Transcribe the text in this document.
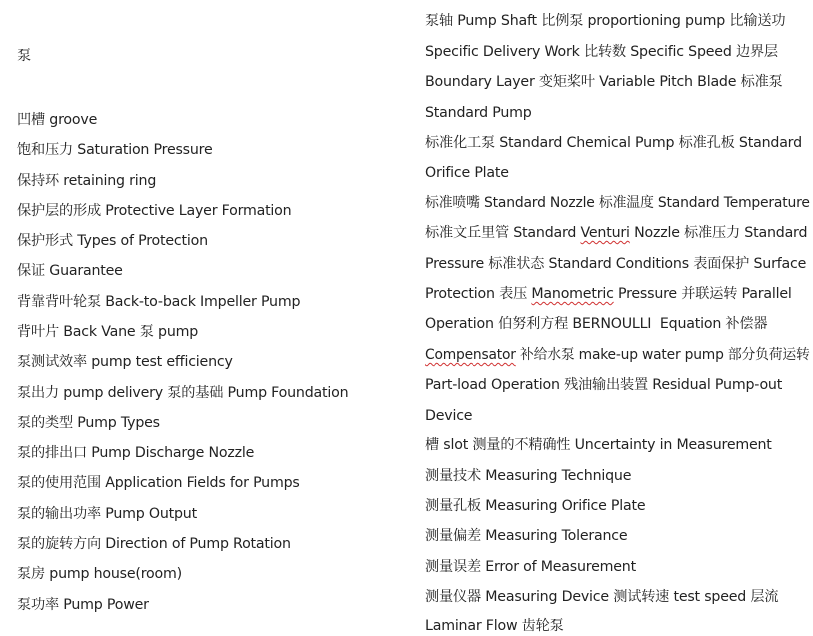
泵
凹槽 groove
饱和压力 Saturation Pressure
保持环 retaining ring
保护层的形成 Protective Layer Formation
保护形式 Types of Protection
保证 Guarantee
背靠背叶轮泵 Back-to-back Impeller Pump
背叶片 Back Vane 泵 pump
泵测试效率 pump test efficiency
泵出力 pump delivery 泵的基础 Pump Foundation
泵的类型 Pump Types
泵的排出口 Pump Discharge Nozzle
泵的使用范围 Application Fields for Pumps
泵的输出功率 Pump Output
泵的旋转方向 Direction of Pump Rotation
泵房 pump house(room)
泵功率 Pump Power
泵轴 Pump Shaft 比例泵 proportioning pump 比输送功
Specific Delivery Work 比转数 Specific Speed 边界层
Boundary Layer 变矩桨叶 Variable Pitch Blade 标准泵
Standard Pump
标准化工泵 Standard Chemical Pump 标准孔板 Standard
Orifice Plate
标准喷嘴 Standard Nozzle 标准温度 Standard Temperature
标准文丘里管 Standard Venturi Nozzle 标准压力 Standard
Pressure 标准状态 Standard Conditions 表面保护 Surface
Protection 表压 Manometric Pressure 并联运转 Parallel
Operation 伯努利方程 BERNOULLI  Equation 补偿器
Compensator 补给水泵 make-up water pump 部分负荷运转
Part-load Operation 残油输出装置 Residual Pump-out
Device
槽 slot 测量的不精确性 Uncertainty in Measurement
测量技术 Measuring Technique
测量孔板 Measuring Orifice Plate
测量偏差 Measuring Tolerance
测量误差 Error of Measurement
测量仪器 Measuring Device 测试转速 test speed 层流
Laminar Flow 齿轮泵
